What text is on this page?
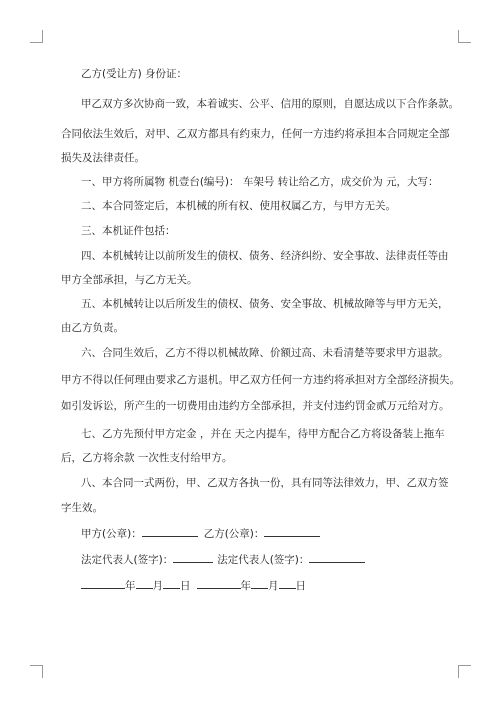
乙方(受让方) 身份证：
甲乙双方多次协商一致，本着诚实、公平、信用的原则，自愿达成以下合作条款。
合同依法生效后，对甲、乙双方都具有约束力，任何一方违约将承担本合同规定全部
损失及法律责任。
一、甲方将所属物 机壹台(编号)： 车架号 转让给乙方，成交价为 元，大写：
二、本合同签定后，本机械的所有权、使用权属乙方，与甲方无关。
三、本机证件包括：
四、本机械转让以前所发生的债权、债务、经济纠纷、安全事故、法律责任等由
甲方全部承担，与乙方无关。
五、本机械转让以后所发生的债权、债务、安全事故、机械故障等与甲方无关，
由乙方负责。
六、合同生效后，乙方不得以机械故障、价额过高、未看清楚等要求甲方退款。
甲方不得以任何理由要求乙方退机。甲乙双方任何一方违约将承担对方全部经济损失。
如引发诉讼，所产生的一切费用由违约方全部承担，并支付违约罚金贰万元给对方。
七、乙方先预付甲方定金 ，并在 天之内提车，待甲方配合乙方将设备装上拖车
后，乙方将余款 一次性支付给甲方。
八、本合同一式两份，甲、乙双方各执一份，具有同等法律效力，甲、乙双方签
字生效。
甲方(公章)：	乙方(公章)：
法定代表人(签字)：	法定代表人(签字)：
年 月 日	年 月 日
